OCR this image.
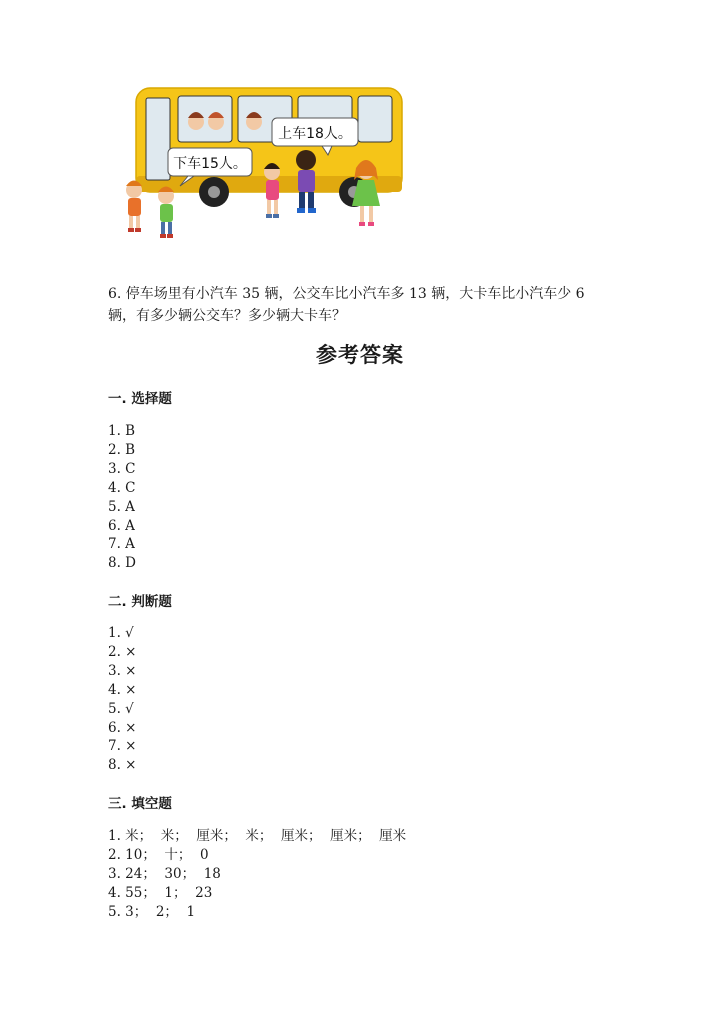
上车18人。
下车15人。
6. 停车场里有小汽车 35 辆，公交车比小汽车多 13 辆，大卡车比小汽车少 6
辆，有多少辆公交车？多少辆大卡车？
参考答案
一. 选择题
1. B
2. B
3. C
4. C
5. A
6. A
7. A
8. D
二. 判断题
1. √
2. ×
3. ×
4. ×
5. √
6. ×
7. ×
8. ×
三. 填空题
1. 米；  米；  厘米；  米；  厘米；  厘米；  厘米
2. 10；  十；  0
3. 24；  30；  18
4. 55；  1；  23
5. 3；  2；  1
